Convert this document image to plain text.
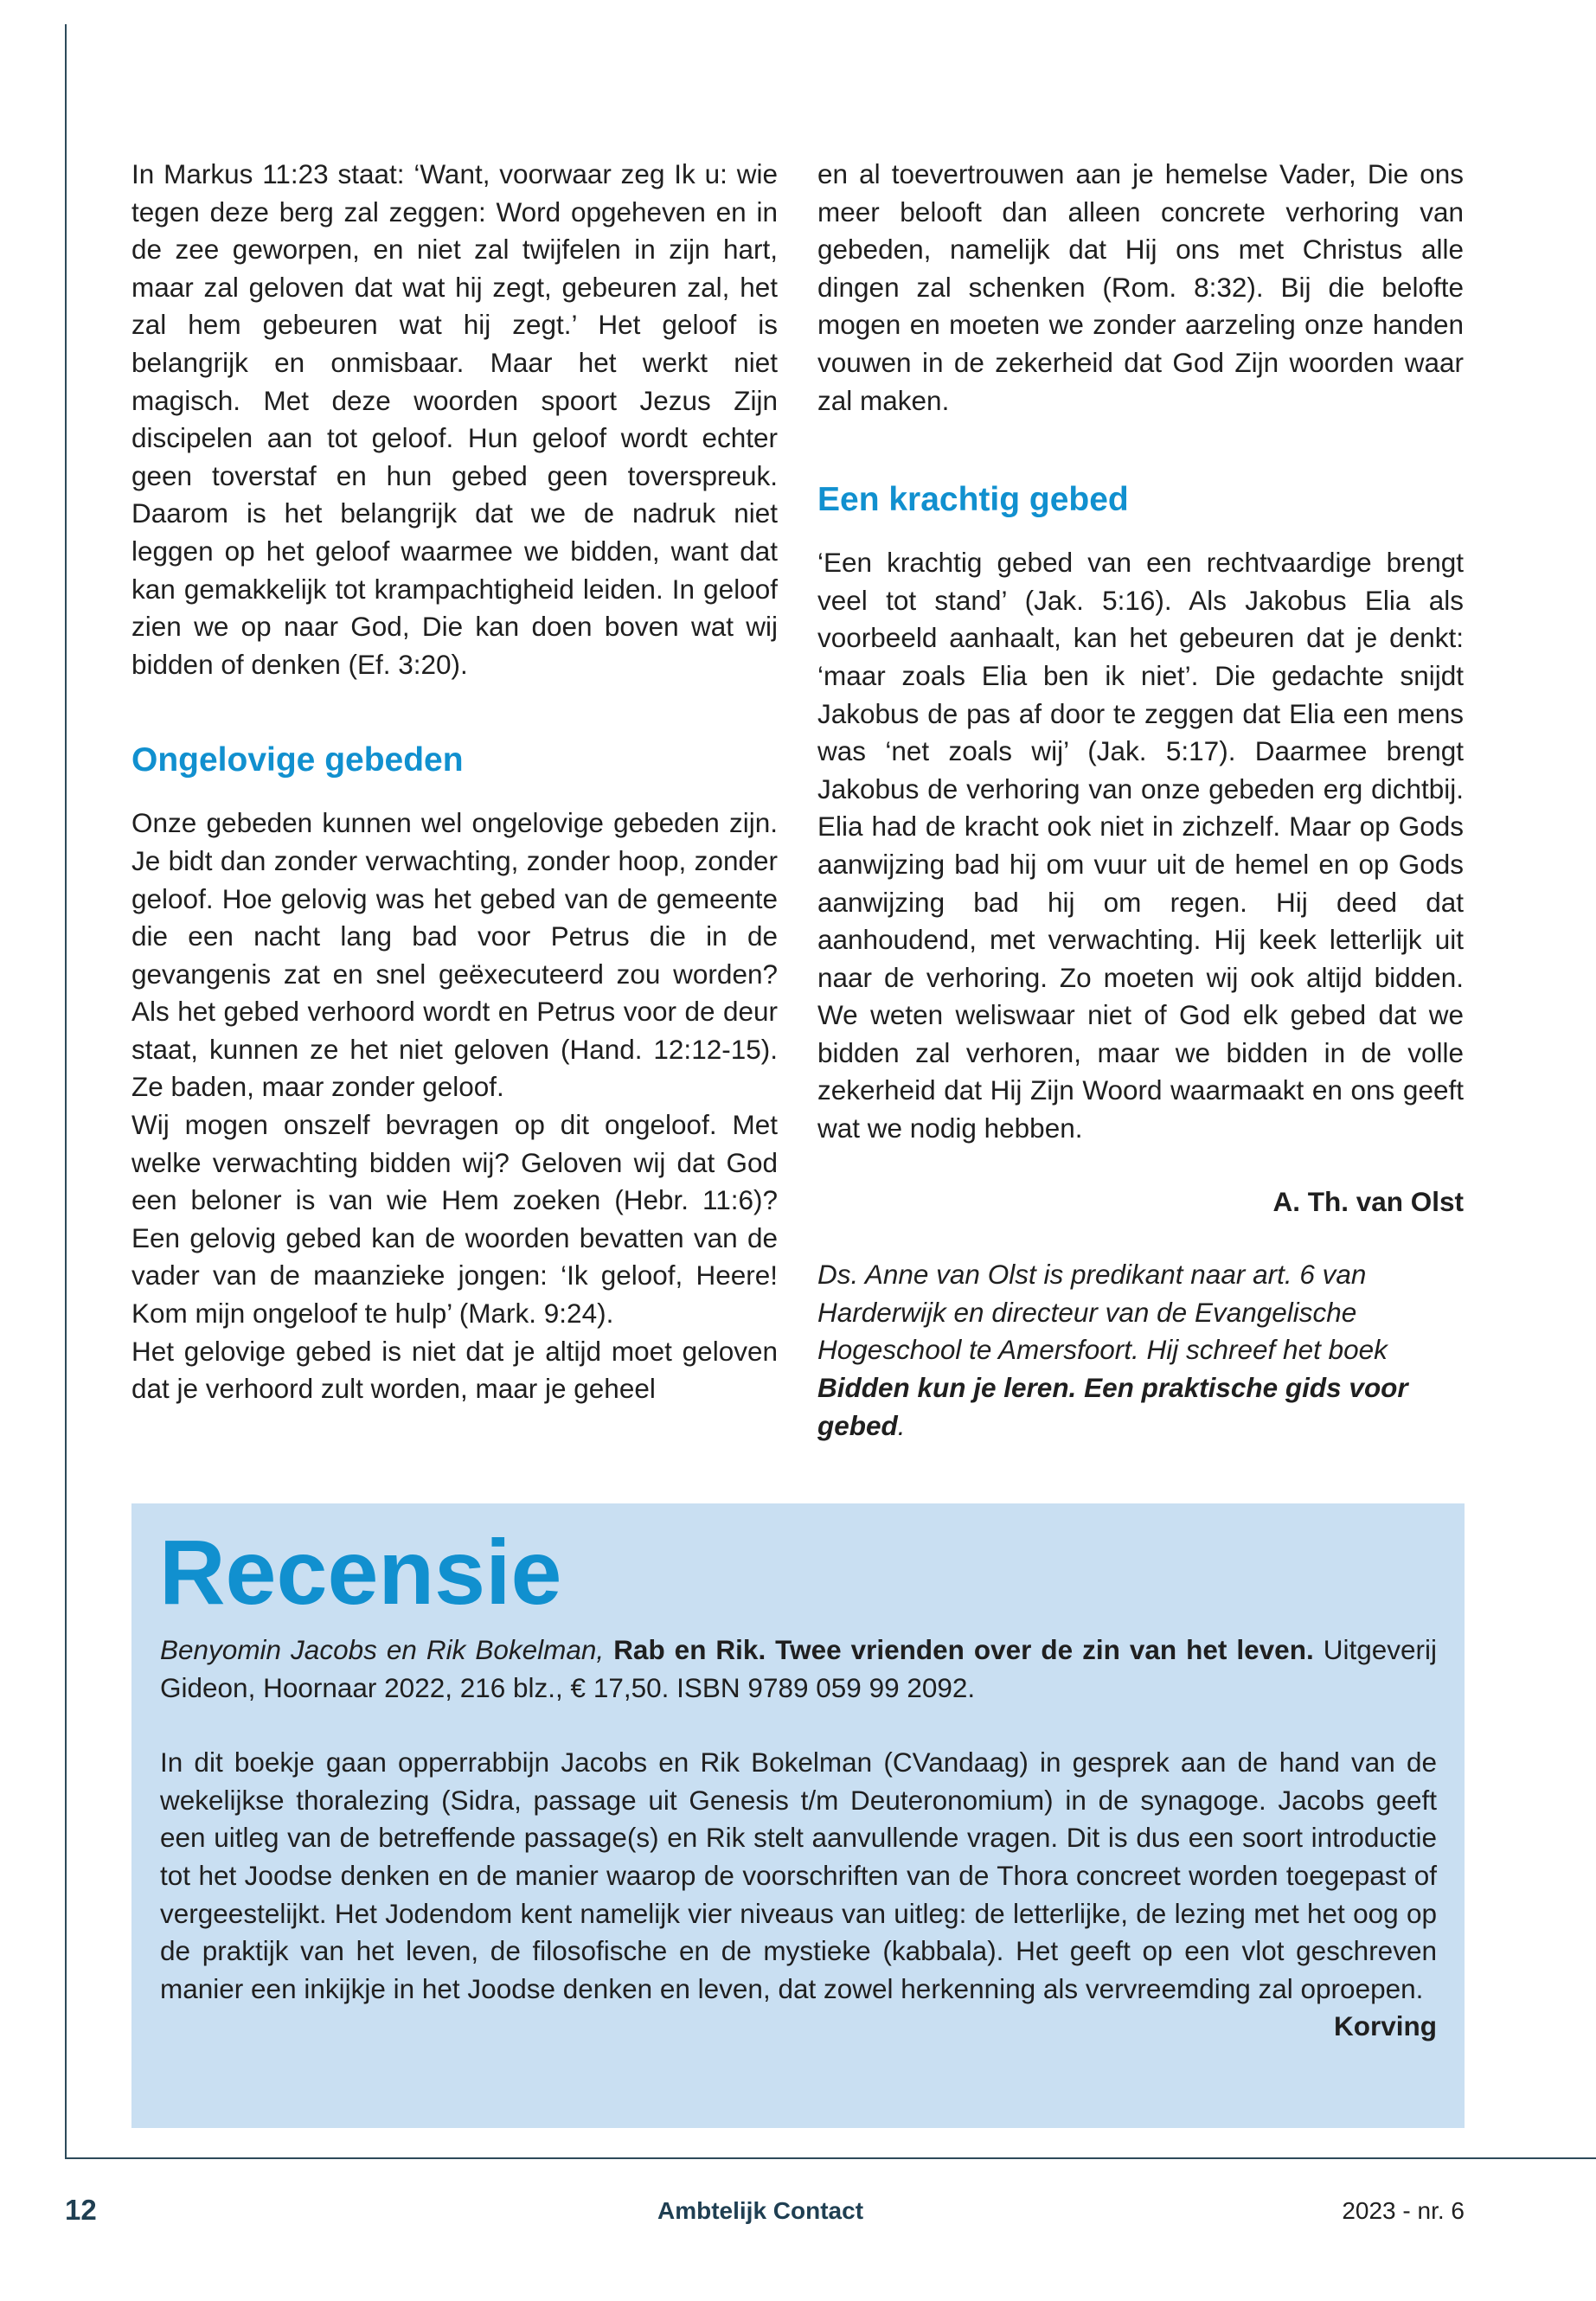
In Markus 11:23 staat: ‘Want, voorwaar zeg Ik u: wie tegen deze berg zal zeggen: Word opgeheven en in de zee geworpen, en niet zal twijfelen in zijn hart, maar zal geloven dat wat hij zegt, gebeuren zal, het zal hem gebeuren wat hij zegt.’ Het geloof is belangrijk en onmisbaar. Maar het werkt niet magisch. Met deze woorden spoort Jezus Zijn discipelen aan tot geloof. Hun geloof wordt echter geen toverstaf en hun gebed geen toverspreuk. Daarom is het belangrijk dat we de nadruk niet leggen op het geloof waarmee we bidden, want dat kan gemakkelijk tot krampachtigheid leiden. In geloof zien we op naar God, Die kan doen boven wat wij bidden of denken (Ef. 3:20).

Ongelovige gebeden

Onze gebeden kunnen wel ongelovige gebeden zijn. Je bidt dan zonder verwachting, zonder hoop, zonder geloof. Hoe gelovig was het gebed van de gemeente die een nacht lang bad voor Petrus die in de gevangenis zat en snel geëxecuteerd zou worden? Als het gebed verhoord wordt en Petrus voor de deur staat, kunnen ze het niet geloven (Hand. 12:12-15). Ze baden, maar zonder geloof.

Wij mogen onszelf bevragen op dit ongeloof. Met welke verwachting bidden wij? Geloven wij dat God een beloner is van wie Hem zoeken (Hebr. 11:6)? Een gelovig gebed kan de woorden bevatten van de vader van de maanzieke jongen: ‘Ik geloof, Heere! Kom mijn ongeloof te hulp’ (Mark. 9:24).

Het gelovige gebed is niet dat je altijd moet geloven dat je verhoord zult worden, maar je geheel

en al toevertrouwen aan je hemelse Vader, Die ons meer belooft dan alleen concrete verhoring van gebeden, namelijk dat Hij ons met Christus alle dingen zal schenken (Rom. 8:32). Bij die belofte mogen en moeten we zonder aarzeling onze handen vouwen in de zekerheid dat God Zijn woorden waar zal maken.

Een krachtig gebed

‘Een krachtig gebed van een rechtvaardige brengt veel tot stand’ (Jak. 5:16). Als Jakobus Elia als voorbeeld aanhaalt, kan het gebeuren dat je denkt: ‘maar zoals Elia ben ik niet’. Die gedachte snijdt Jakobus de pas af door te zeggen dat Elia een mens was ‘net zoals wij’ (Jak. 5:17). Daarmee brengt Jakobus de verhoring van onze gebeden erg dichtbij. Elia had de kracht ook niet in zichzelf. Maar op Gods aanwijzing bad hij om vuur uit de hemel en op Gods aanwijzing bad hij om regen. Hij deed dat aanhoudend, met verwachting. Hij keek letterlijk uit naar de verhoring. Zo moeten wij ook altijd bidden. We weten weliswaar niet of God elk gebed dat we bidden zal verhoren, maar we bidden in de volle zekerheid dat Hij Zijn Woord waarmaakt en ons geeft wat we nodig hebben.

A. Th. van Olst

Ds. Anne van Olst is predikant naar art. 6 van Harderwijk en directeur van de Evangelische Hogeschool te Amersfoort. Hij schreef het boek Bidden kun je leren. Een praktische gids voor gebed.

Recensie

Benyomin Jacobs en Rik Bokelman, Rab en Rik. Twee vrienden over de zin van het leven. Uitgeverij Gideon, Hoornaar 2022, 216 blz., € 17,50. ISBN 9789 059 99 2092.

In dit boekje gaan opperrabbijn Jacobs en Rik Bokelman (CVandaag) in gesprek aan de hand van de wekelijkse thoralezing (Sidra, passage uit Genesis t/m Deuteronomium) in de synagoge. Jacobs geeft een uitleg van de betreffende passage(s) en Rik stelt aanvullende vragen. Dit is dus een soort introductie tot het Joodse denken en de manier waarop de voorschriften van de Thora concreet worden toegepast of vergeestelijkt. Het Jodendom kent namelijk vier niveaus van uitleg: de letterlijke, de lezing met het oog op de praktijk van het leven, de filosofische en de mystieke (kabbala). Het geeft op een vlot geschreven manier een inkijkje in het Joodse denken en leven, dat zowel herkenning als vervreemding zal oproepen.

Korving

12	Ambtelijk Contact	2023 - nr. 6
